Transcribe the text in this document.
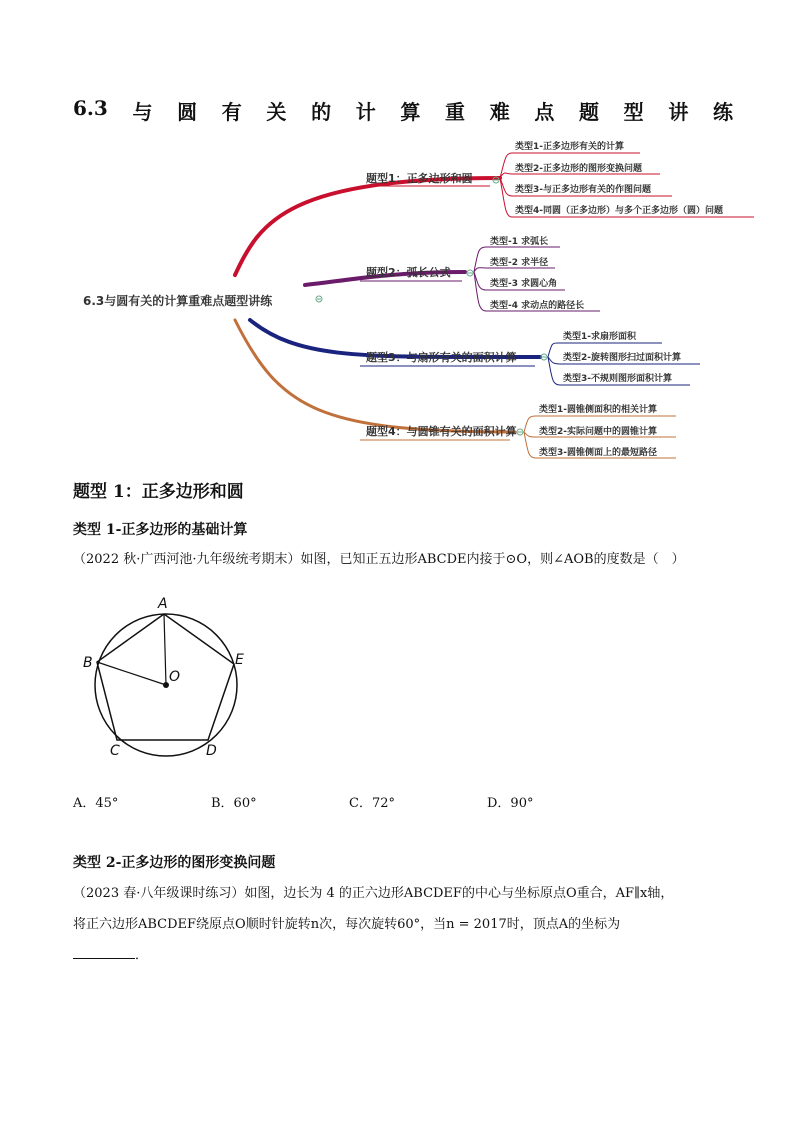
6.3 与 圆 有 关 的 计 算 重 难 点 题 型 讲 练
6.3与圆有关的计算重难点题型讲练
题型1：正多边形和圆
题型2：弧长公式
题型3：与扇形有关的面积计算
题型4：与圆锥有关的面积计算
类型1-正多边形有关的计算
类型2-正多边形的图形变换问题
类型3-与正多边形有关的作图问题
类型4-同圆（正多边形）与多个正多边形（圆）问题
类型-1 求弧长
类型-2 求半径
类型-3 求圆心角
类型-4 求动点的路径长
类型1-求扇形面积
类型2-旋转图形扫过面积计算
类型3-不规则图形面积计算
类型1-圆锥侧面积的相关计算
类型2-实际问题中的圆锥计算
类型3-圆锥侧面上的最短路径
题型 1：正多边形和圆
类型 1-正多边形的基础计算
（2022 秋·广西河池·九年级统考期末）如图，已知正五边形ABCDE内接于⊙O，则∠AOB的度数是（　）
A
B
C	D
E
O
A．45°	B．60°	C．72°	D．90°
类型 2-正多边形的图形变换问题
（2023 春·八年级课时练习）如图，边长为 4 的正六边形ABCDEF的中心与坐标原点O重合，AF∥x轴，
将正六边形ABCDEF绕原点O顺时针旋转n次，每次旋转60°，当n = 2017时，顶点A的坐标为
．
